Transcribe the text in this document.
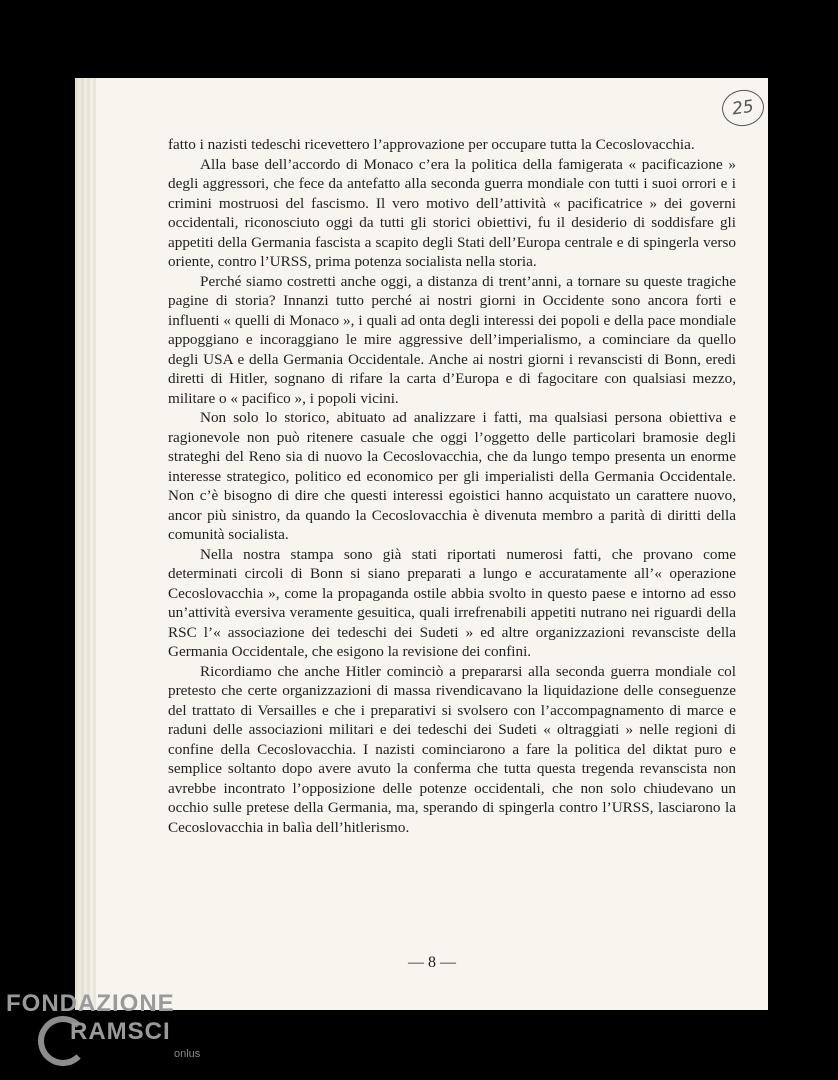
25

fatto i nazisti tedeschi ricevettero l’approvazione per occupare tutta la Cecoslovacchia.

Alla base dell’accordo di Monaco c’era la politica della famigerata « pacificazione » degli aggressori, che fece da antefatto alla seconda guerra mondiale con tutti i suoi orrori e i crimini mostruosi del fascismo. Il vero motivo dell’attività « pacificatrice » dei governi occidentali, riconosciuto oggi da tutti gli storici obiettivi, fu il desiderio di soddisfare gli appetiti della Germania fascista a scapito degli Stati dell’Europa centrale e di spingerla verso oriente, contro l’URSS, prima potenza socialista nella storia.

Perché siamo costretti anche oggi, a distanza di trent’anni, a tornare su queste tragiche pagine di storia? Innanzi tutto perché ai nostri giorni in Occidente sono ancora forti e influenti « quelli di Monaco », i quali ad onta degli interessi dei popoli e della pace mondiale appoggiano e incoraggiano le mire aggressive dell’imperialismo, a cominciare da quello degli USA e della Germania Occidentale. Anche ai nostri giorni i revanscisti di Bonn, eredi diretti di Hitler, sognano di rifare la carta d’Europa e di fagocitare con qualsiasi mezzo, militare o « pacifico », i popoli vicini.

Non solo lo storico, abituato ad analizzare i fatti, ma qualsiasi persona obiettiva e ragionevole non può ritenere casuale che oggi l’oggetto delle particolari bramosie degli strateghi del Reno sia di nuovo la Cecoslovacchia, che da lungo tempo presenta un enorme interesse strategico, politico ed economico per gli imperialisti della Germania Occidentale. Non c’è bisogno di dire che questi interessi egoistici hanno acquistato un carattere nuovo, ancor più sinistro, da quando la Cecoslovacchia è divenuta membro a parità di diritti della comunità socialista.

Nella nostra stampa sono già stati riportati numerosi fatti, che provano come determinati circoli di Bonn si siano preparati a lungo e accuratamente all’« operazione Cecoslovacchia », come la propaganda ostile abbia svolto in questo paese e intorno ad esso un’attività eversiva veramente gesuitica, quali irrefrenabili appetiti nutrano nei riguardi della RSC l’« associazione dei tedeschi dei Sudeti » ed altre organizzazioni revansciste della Germania Occidentale, che esigono la revisione dei confini.

Ricordiamo che anche Hitler cominciò a prepararsi alla seconda guerra mondiale col pretesto che certe organizzazioni di massa rivendicavano la liquidazione delle conseguenze del trattato di Versailles e che i preparativi si svolsero con l’accompagnamento di marce e raduni delle associazioni militari e dei tedeschi dei Sudeti « oltraggiati » nelle regioni di confine della Cecoslovacchia. I nazisti cominciarono a fare la politica del diktat puro e semplice soltanto dopo avere avuto la conferma che tutta questa tregenda revanscista non avrebbe incontrato l’opposizione delle potenze occidentali, che non solo chiudevano un occhio sulle pretese della Germania, ma, sperando di spingerla contro l’URSS, lasciarono la Cecoslovacchia in balìa dell’hitlerismo.

— 8 —
FONDAZIONE
RAMSCI
onlus
